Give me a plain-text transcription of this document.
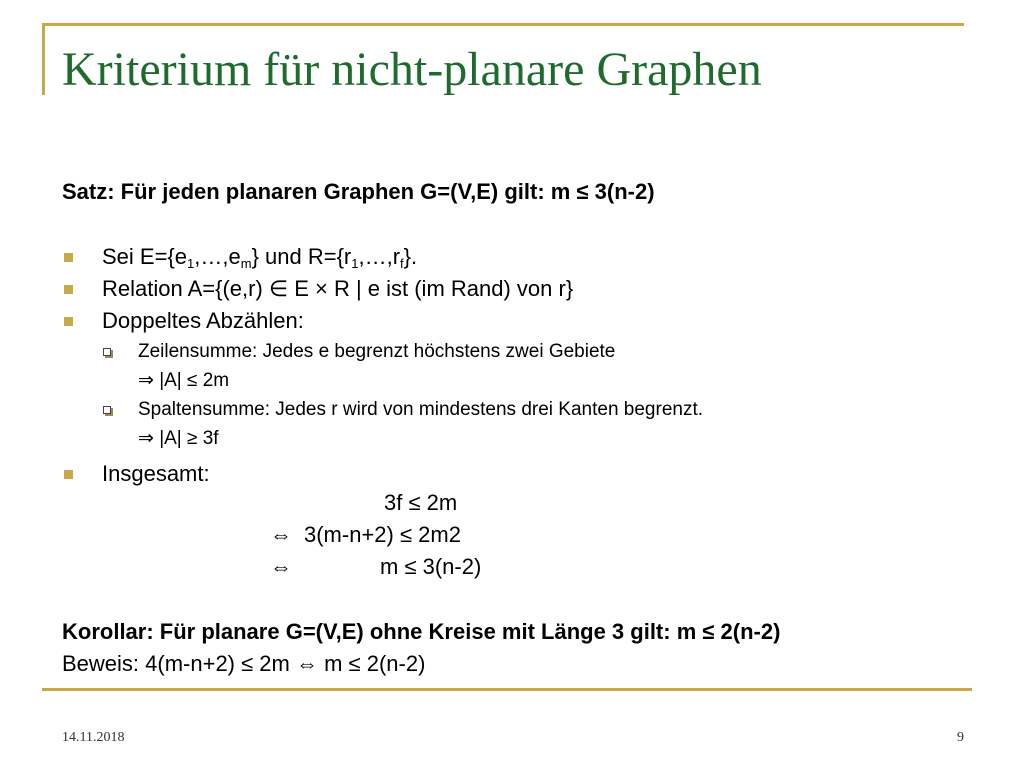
Kriterium für nicht-planare Graphen
Satz: Für jeden planaren Graphen G=(V,E) gilt: m ≤ 3(n-2)
Sei $E=\{e_1,\dots,e_m\}$ und $R=\{r_1,\dots,r_f\}$.
Relation A={(e,r) ∈ E × R | e ist (im Rand) von r}
Doppeltes Abzählen:
Zeilensumme: Jedes e begrenzt höchstens zwei Gebiete
⇒ |A| ≤ 2m
Spaltensumme: Jedes r wird von mindestens drei Kanten begrenzt.
⇒ |A| ≥ 3f
Insgesamt:
3f ≤ 2m
⇔ 3(m-n+2) ≤ 2m2
⇔	m ≤ 3(n-2)
Korollar: Für planare G=(V,E) ohne Kreise mit Länge 3 gilt: m ≤ 2(n-2)
Beweis: 4(m-n+2) ≤ 2m ⇔ m ≤ 2(n-2)
14.11.2018	9
